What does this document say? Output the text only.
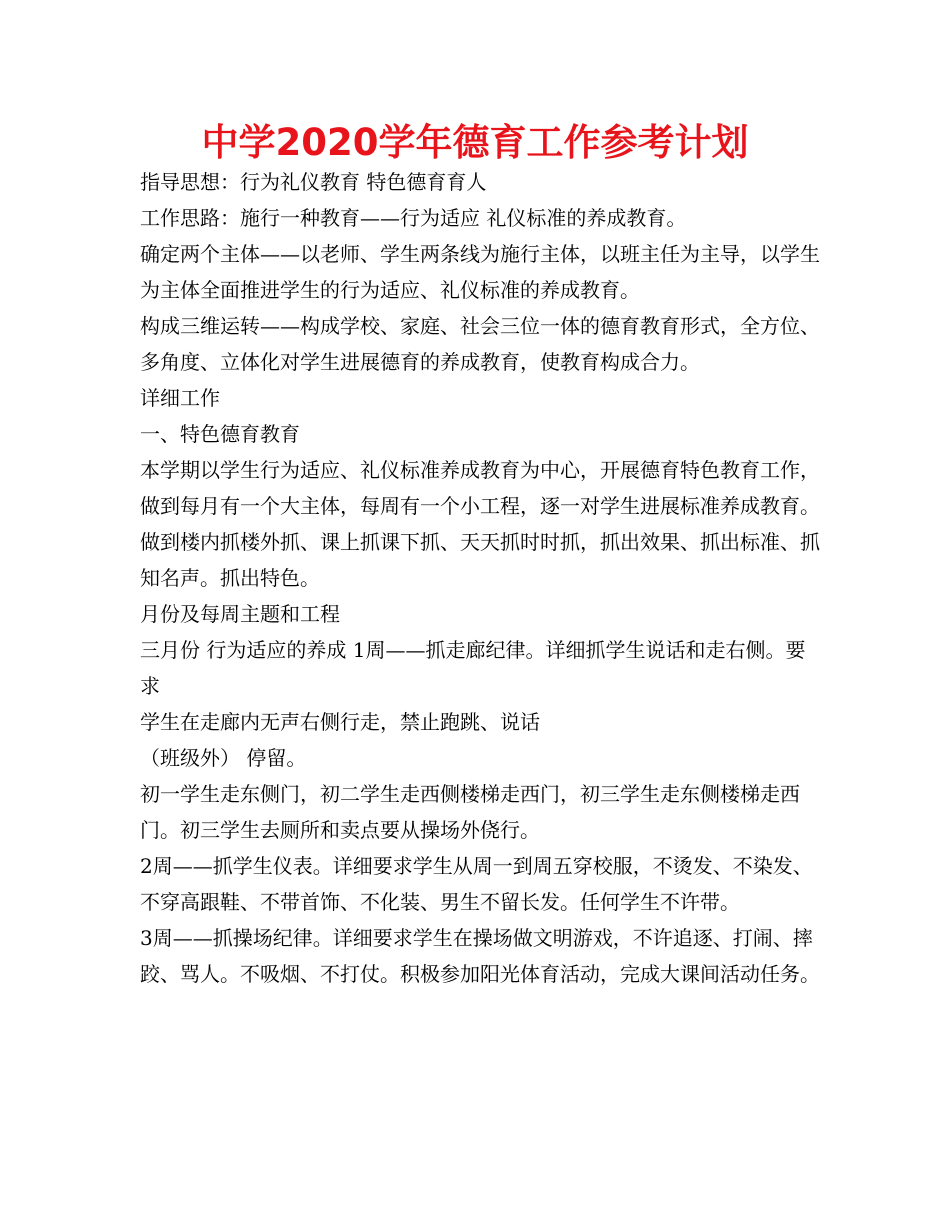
中学2020学年德育工作参考计划

指导思想：行为礼仪教育 特色德育育人

工作思路：施行一种教育——行为适应 礼仪标准的养成教育。

确定两个主体——以老师、学生两条线为施行主体，以班主任为主导，以学生为主体全面推进学生的行为适应、礼仪标准的养成教育。

构成三维运转——构成学校、家庭、社会三位一体的德育教育形式，全方位、多角度、立体化对学生进展德育的养成教育，使教育构成合力。

详细工作

一、特色德育教育

本学期以学生行为适应、礼仪标准养成教育为中心，开展德育特色教育工作，做到每月有一个大主体，每周有一个小工程，逐一对学生进展标准养成教育。做到楼内抓楼外抓、课上抓课下抓、天天抓时时抓，抓出效果、抓出标准、抓知名声。抓出特色。

月份及每周主题和工程

三月份 行为适应的养成 1周——抓走廊纪律。详细抓学生说话和走右侧。要求

学生在走廊内无声右侧行走，禁止跑跳、说话

（班级外） 停留。

初一学生走东侧门，初二学生走西侧楼梯走西门，初三学生走东侧楼梯走西门。初三学生去厕所和卖点要从操场外侥行。

2周——抓学生仪表。详细要求学生从周一到周五穿校服，不烫发、不染发、不穿高跟鞋、不带首饰、不化装、男生不留长发。任何学生不许带。

3周——抓操场纪律。详细要求学生在操场做文明游戏，不许追逐、打闹、摔跤、骂人。不吸烟、不打仗。积极参加阳光体育活动，完成大课间活动任务。
